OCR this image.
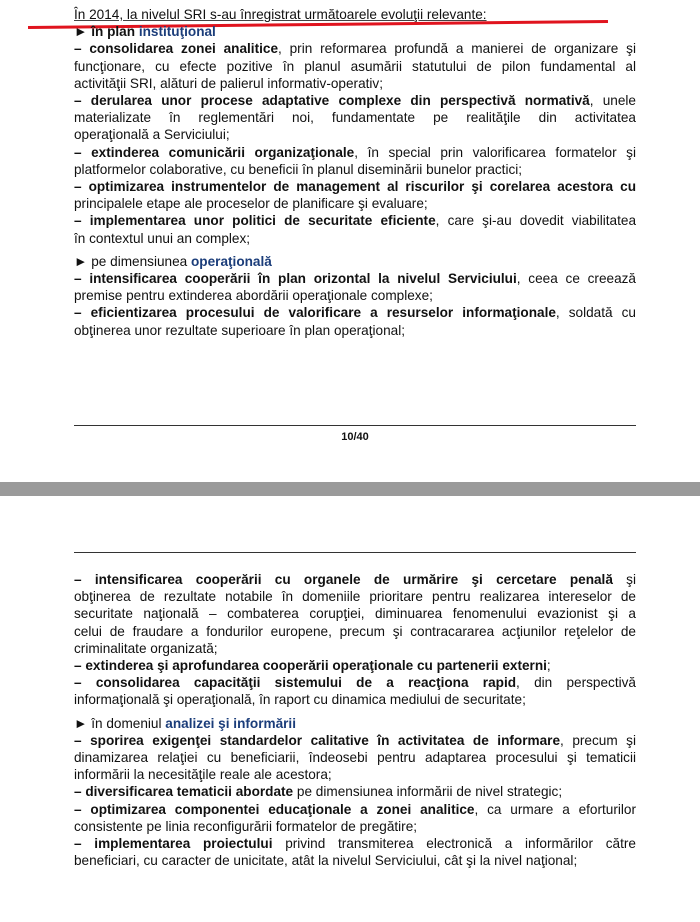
În 2014, la nivelul SRI s-au înregistrat următoarele evoluţii relevante:
► în plan instituţional
– consolidarea zonei analitice, prin reformarea profundă a manierei de organizare şi
funcţionare, cu efecte pozitive în planul asumării statutului de pilon fundamental al
activităţii SRI, alături de palierul informativ-operativ;
– derularea unor procese adaptative complexe din perspectivă normativă, unele
materializate în reglementări noi, fundamentate pe realităţile din activitatea
operaţională a Serviciului;
– extinderea comunicării organizaţionale, în special prin valorificarea formatelor şi
platformelor colaborative, cu beneficii în planul diseminării bunelor practici;
– optimizarea instrumentelor de management al riscurilor şi corelarea acestora cu
principalele etape ale proceselor de planificare şi evaluare;
– implementarea unor politici de securitate eficiente, care şi-au dovedit viabilitatea
în contextul unui an complex;
► pe dimensiunea operaţională
– intensificarea cooperării în plan orizontal la nivelul Serviciului, ceea ce creează
premise pentru extinderea abordării operaţionale complexe;
– eficientizarea procesului de valorificare a resurselor informaţionale, soldată cu
obţinerea unor rezultate superioare în plan operaţional;
10/40
– intensificarea cooperării cu organele de urmărire şi cercetare penală şi
obţinerea de rezultate notabile în domeniile prioritare pentru realizarea intereselor de
securitate naţională – combaterea corupţiei, diminuarea fenomenului evazionist şi a
celui de fraudare a fondurilor europene, precum şi contracararea acţiunilor reţelelor de
criminalitate organizată;
– extinderea şi aprofundarea cooperării operaţionale cu partenerii externi;
– consolidarea capacităţii sistemului de a reacţiona rapid, din perspectivă
informaţională şi operaţională, în raport cu dinamica mediului de securitate;
► în domeniul analizei şi informării
– sporirea exigenţei standardelor calitative în activitatea de informare, precum şi
dinamizarea relaţiei cu beneficiarii, îndeosebi pentru adaptarea procesului şi tematicii
informării la necesităţile reale ale acestora;
– diversificarea tematicii abordate pe dimensiunea informării de nivel strategic;
– optimizarea componentei educaţionale a zonei analitice, ca urmare a eforturilor
consistente pe linia reconfigurării formatelor de pregătire;
– implementarea proiectului privind transmiterea electronică a informărilor către
beneficiari, cu caracter de unicitate, atât la nivelul Serviciului, cât şi la nivel naţional;
